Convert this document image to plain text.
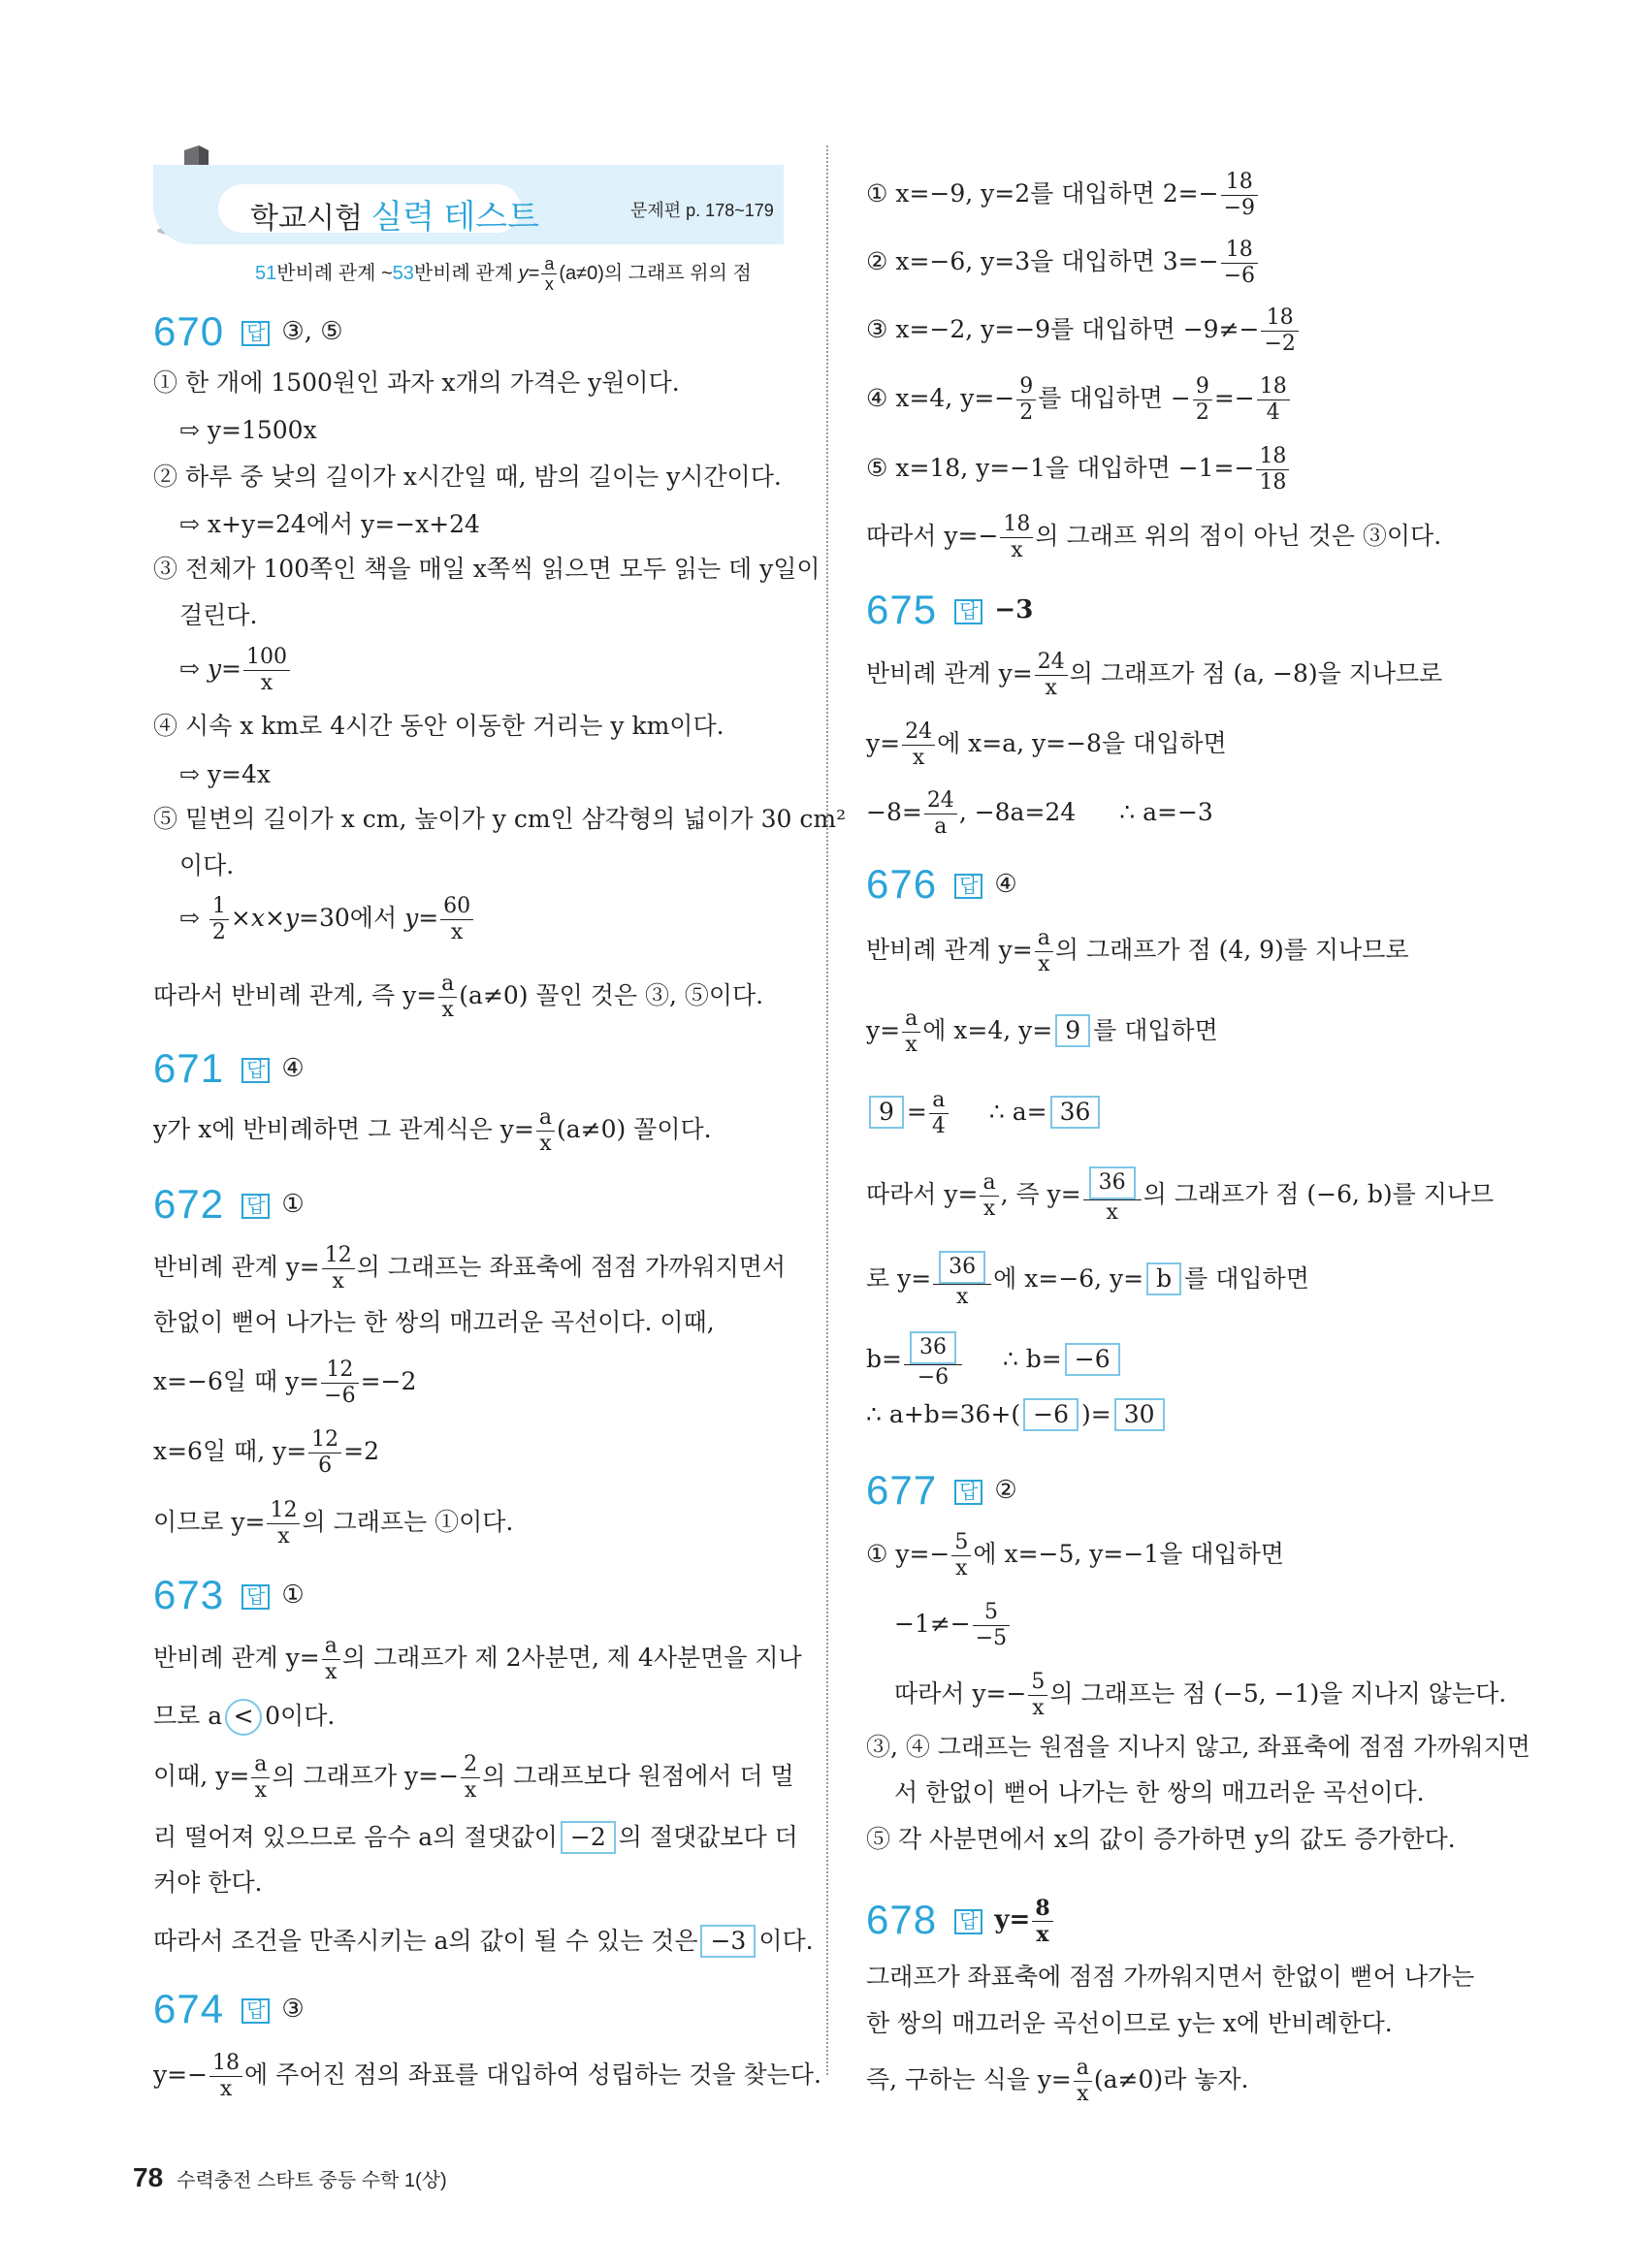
학교시험 실력 테스트	문제편 p. 178~179
51반비례 관계 ~53반비례 관계 $y= \frac{a}{x} (a\ne 0)$의 그래프 위의 점
670 답 ③, ⑤
① 한 개에 1500원인 과자 x개의 가격은 y원이다.
⇨ y=1500x
② 하루 중 낮의 길이가 x시간일 때, 밤의 길이는 y시간이다.
⇨ x+y=24에서 y=−x+24
③ 전체가 100쪽인 책을 매일 x쪽씩 읽으면 모두 읽는 데 y일이
걸린다.
⇨ $y= \frac{100}{x}$
④ 시속 x km로 4시간 동안 이동한 거리는 y km이다.
⇨ y=4x
⑤ 밑변의 길이가 x cm, 높이가 y cm인 삼각형의 넓이가 30 cm²
이다.
⇨ $\frac{1}{2} \times x\times y=30$에서 $y= \frac{60}{x}$
따라서 반비례 관계, 즉 $y= \frac{a}{x} (a\ne 0)$ 꼴인 것은 ③, ⑤이다.
671 답 ④
y가 x에 반비례하면 그 관계식은 $y= \frac{a}{x} (a\ne 0)$ 꼴이다.
672 답 ①
반비례 관계 $y= \frac{12}{x}$ 의 그래프는 좌표축에 점점 가까워지면서
한없이 뻗어 나가는 한 쌍의 매끄러운 곡선이다. 이때,
x=−6일 때 $y= \frac{12}{-6} =-2$
x=6일 때, $y= \frac{12}{6} =2$
이므로 $y= \frac{12}{x}$ 의 그래프는 ①이다.
673 답 ①
반비례 관계 $y= \frac{a}{x}$ 의 그래프가 제 2사분면, 제 4사분면을 지나
므로 a < 0이다.
이때, $y= \frac{a}{x}$ 의 그래프가 $y=- \frac{2}{x}$ 의 그래프보다 원점에서 더 멀
리 떨어져 있으므로 음수 a의 절댓값이 −2 의 절댓값보다 더
커야 한다.
따라서 조건을 만족시키는 a의 값이 될 수 있는 것은 −3 이다.
674 답 ③
$y=- \frac{18}{x}$ 에 주어진 점의 좌표를 대입하여 성립하는 것을 찾는다.
① x=−9, y=2를 대입하면 $2=- \frac{18}{-9}$
② x=−6, y=3을 대입하면 $3=- \frac{18}{-6}$
③ x=−2, y=−9를 대입하면 $-9\ne- \frac{18}{-2}$
④ x=4, $y=- \frac{9}{2}$ 를 대입하면 − $\frac{9}{2} =- \frac{18}{4}$
⑤ x=18, y=−1을 대입하면 $-1=- \frac{18}{18}$
따라서 $y=- \frac{18}{x}$ 의 그래프 위의 점이 아닌 것은 ③이다.
675 답 −3
반비례 관계 $y= \frac{24}{x}$ 의 그래프가 점 (a, −8)을 지나므로
$y= \frac{24}{x}$ 에 x=a, y=−8을 대입하면
$-8= \frac{24}{a}$ , −8a=24 ∴ a=−3
676 답 ④
반비례 관계 $y= \frac{a}{x}$ 의 그래프가 점 (4, 9)를 지나므로
$y= \frac{a}{x}$ 에 x=4, y= 9 를 대입하면
$9 = \frac{a}{4}$ ∴ a= 36
따라서 $y= \frac{a}{x}$ , 즉 $y= \frac{36}{x}$ 의 그래프가 점 (−6, b)를 지나므
로 $y= \frac{36}{x}$ 에 x=−6, y= b 를 대입하면
$b= \frac{36}{-6}$ ∴ b= −6
∴ a+b=36+( −6 )= 30
677 답 ②
① $y=- \frac{5}{x}$ 에 x=−5, y=−1을 대입하면
$-1\ne- \frac{5}{-5}$
따라서 $y=- \frac{5}{x}$ 의 그래프는 점 (−5, −1)을 지나지 않는다.
③, ④ 그래프는 원점을 지나지 않고, 좌표축에 점점 가까워지면
서 한없이 뻗어 나가는 한 쌍의 매끄러운 곡선이다.
⑤ 각 사분면에서 x의 값이 증가하면 y의 값도 증가한다.
678 답 $y= \frac{8}{x}$
그래프가 좌표축에 점점 가까워지면서 한없이 뻗어 나가는
한 쌍의 매끄러운 곡선이므로 y는 x에 반비례한다.
즉, 구하는 식을 $y= \frac{a}{x} (a\ne 0)$라 놓자.
78 수력충전 스타트 중등 수학 1(상)
